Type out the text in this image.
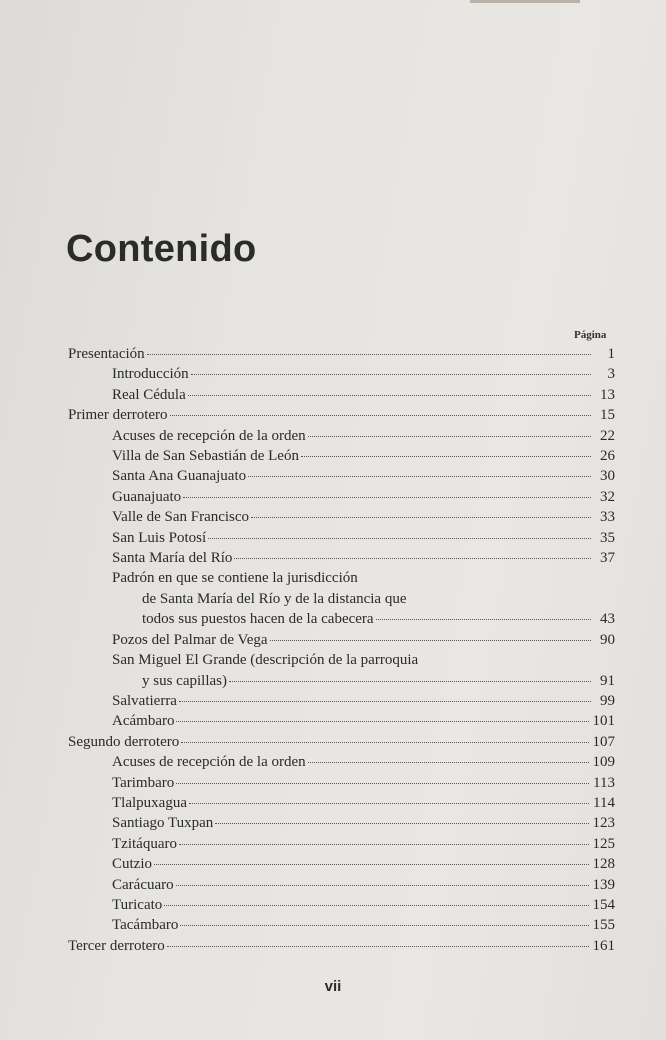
Contenido
Página
Presentación	1
Introducción	3
Real Cédula	13
Primer derrotero	15
Acuses de recepción de la orden	22
Villa de San Sebastián de León	26
Santa Ana Guanajuato	30
Guanajuato	32
Valle de San Francisco	33
San Luis Potosí	35
Santa María del Río	37
Padrón en que se contiene la jurisdicción
de Santa María del Río y de la distancia que
todos sus puestos hacen de la cabecera	43
Pozos del Palmar de Vega	90
San Miguel El Grande (descripción de la parroquia
y sus capillas)	91
Salvatierra	99
Acámbaro	101
Segundo derrotero	107
Acuses de recepción de la orden	109
Tarimbaro	113
Tlalpuxagua	114
Santiago Tuxpan	123
Tzitáquaro	125
Cutzio	128
Carácuaro	139
Turicato	154
Tacámbaro	155
Tercer derrotero	161
vii
